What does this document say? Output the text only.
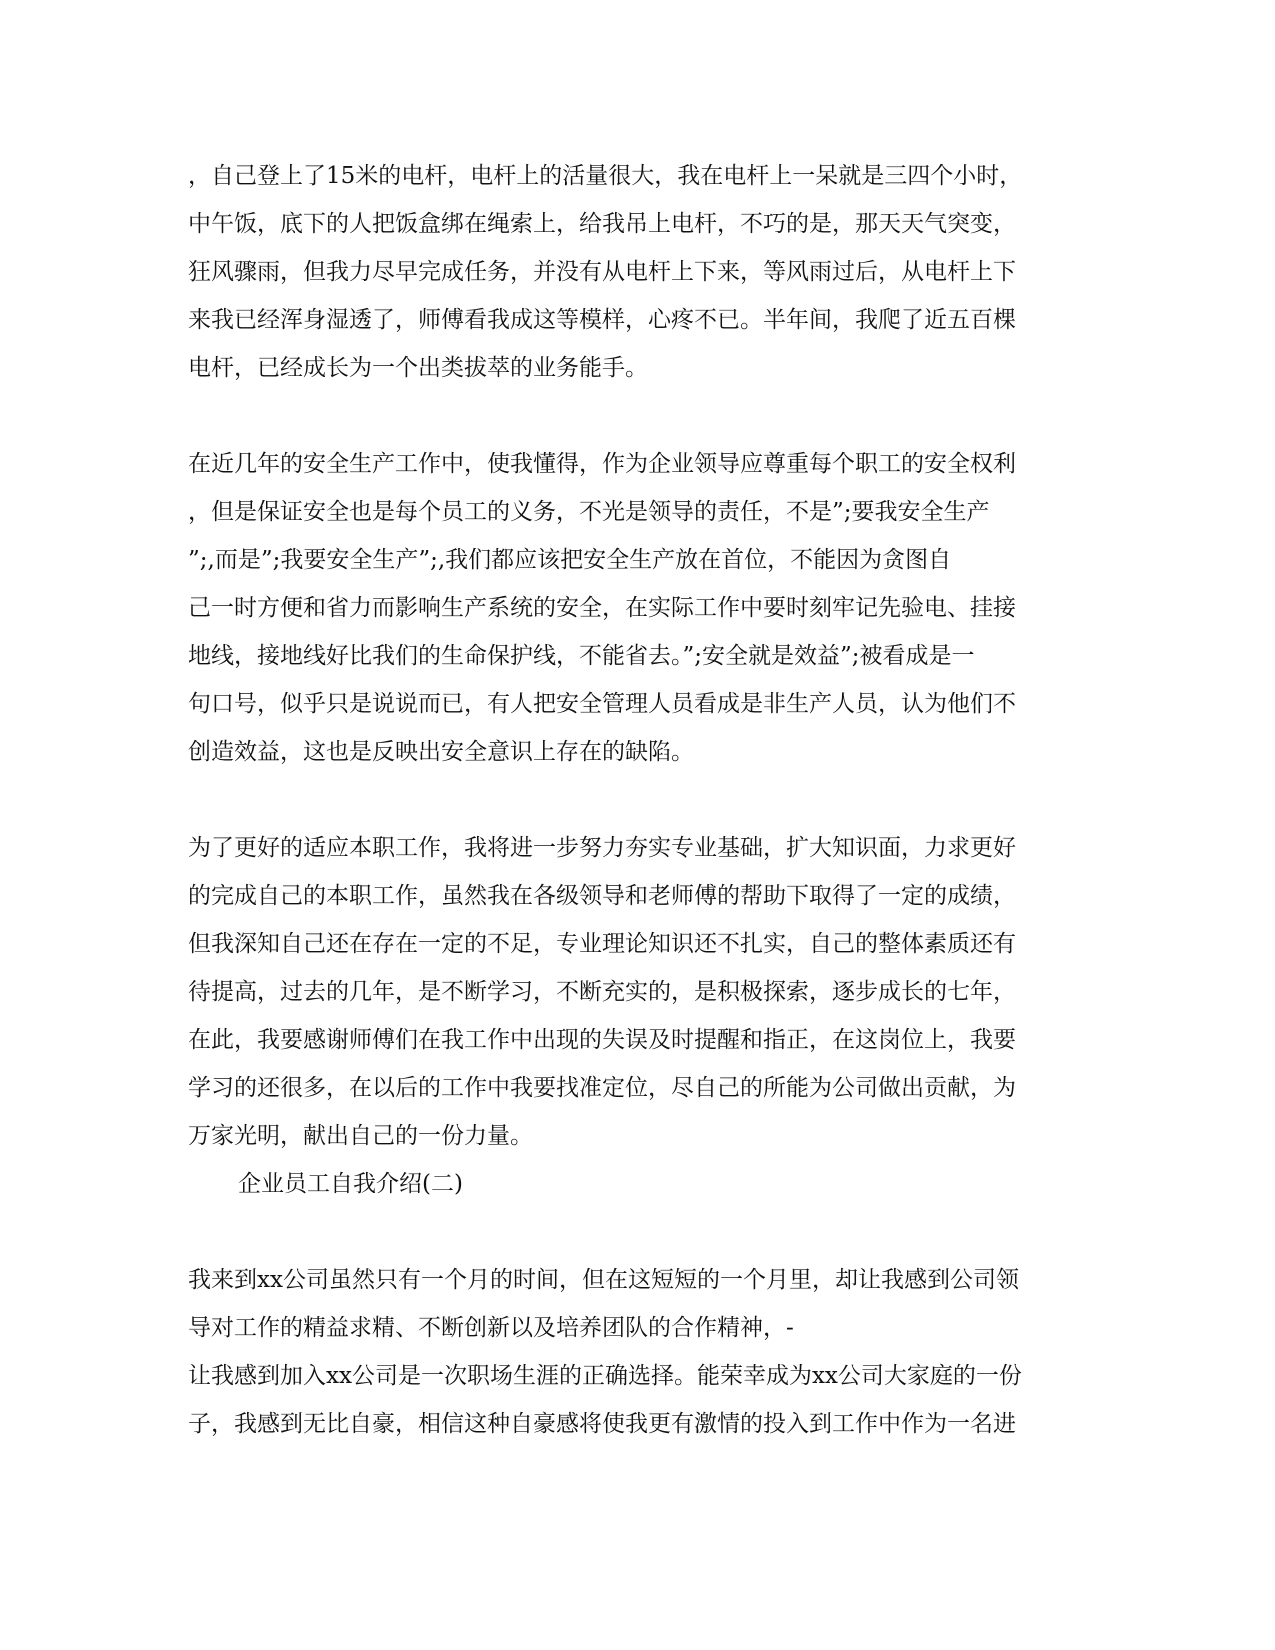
，自己登上了15米的电杆，电杆上的活量很大，我在电杆上一呆就是三四个小时，
中午饭，底下的人把饭盒绑在绳索上，给我吊上电杆，不巧的是，那天天气突变，
狂风骤雨，但我力尽早完成任务，并没有从电杆上下来，等风雨过后，从电杆上下
来我已经浑身湿透了，师傅看我成这等模样，心疼不已。半年间，我爬了近五百棵
电杆，已经成长为一个出类拔萃的业务能手。
在近几年的安全生产工作中，使我懂得，作为企业领导应尊重每个职工的安全权利
，但是保证安全也是每个员工的义务，不光是领导的责任，不是”;要我安全生产
”;,而是”;我要安全生产”;,我们都应该把安全生产放在首位，不能因为贪图自
己一时方便和省力而影响生产系统的安全，在实际工作中要时刻牢记先验电、挂接
地线，接地线好比我们的生命保护线，不能省去。”;安全就是效益”;被看成是一
句口号，似乎只是说说而已，有人把安全管理人员看成是非生产人员，认为他们不
创造效益，这也是反映出安全意识上存在的缺陷。
为了更好的适应本职工作，我将进一步努力夯实专业基础，扩大知识面，力求更好
的完成自己的本职工作，虽然我在各级领导和老师傅的帮助下取得了一定的成绩，
但我深知自己还在存在一定的不足，专业理论知识还不扎实，自己的整体素质还有
待提高，过去的几年，是不断学习，不断充实的，是积极探索，逐步成长的七年，
在此，我要感谢师傅们在我工作中出现的失误及时提醒和指正，在这岗位上，我要
学习的还很多，在以后的工作中我要找准定位，尽自己的所能为公司做出贡献，为
万家光明，献出自己的一份力量。
企业员工自我介绍(二)
我来到xx公司虽然只有一个月的时间，但在这短短的一个月里，却让我感到公司领
导对工作的精益求精、不断创新以及培养团队的合作精神，-
让我感到加入xx公司是一次职场生涯的正确选择。能荣幸成为xx公司大家庭的一份
子，我感到无比自豪，相信这种自豪感将使我更有激情的投入到工作中作为一名进
